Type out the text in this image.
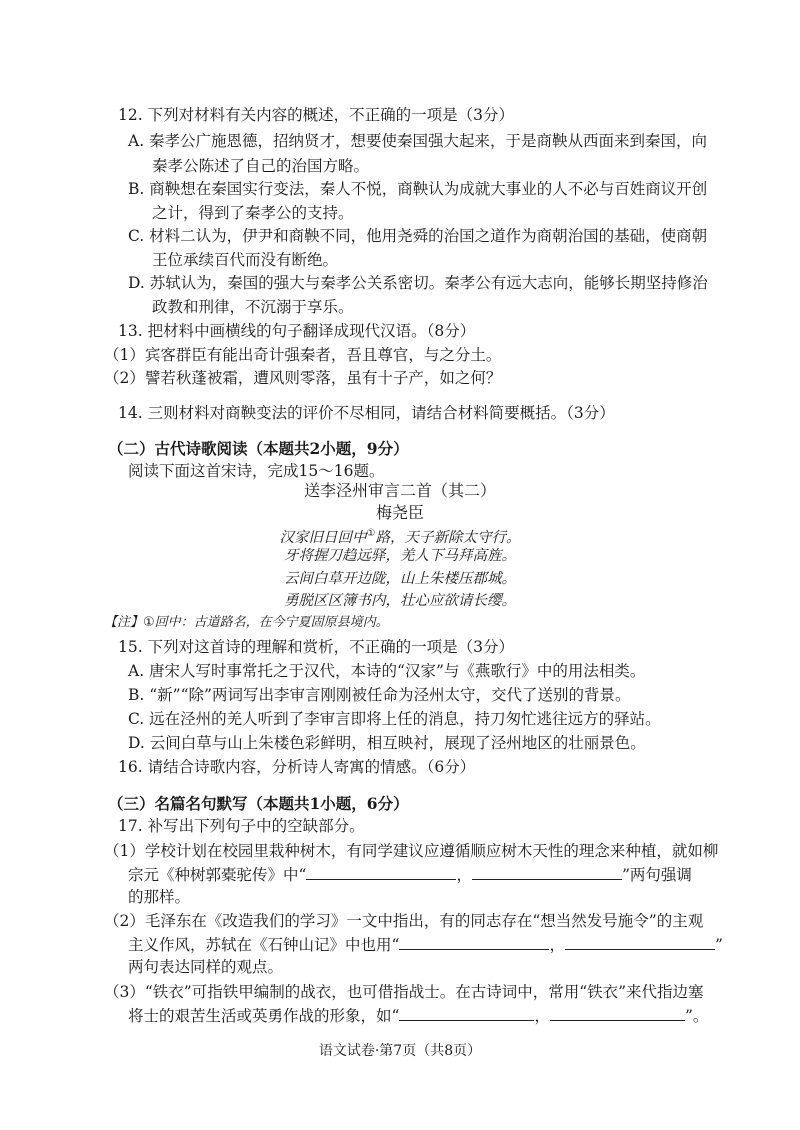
12. 下列对材料有关内容的概述，不正确的一项是（3分）
A. 秦孝公广施恩德，招纳贤才，想要使秦国强大起来，于是商鞅从西面来到秦国，向
秦孝公陈述了自己的治国方略。
B. 商鞅想在秦国实行变法，秦人不悦，商鞅认为成就大事业的人不必与百姓商议开创
之计，得到了秦孝公的支持。
C. 材料二认为，伊尹和商鞅不同，他用尧舜的治国之道作为商朝治国的基础，使商朝
王位承续百代而没有断绝。
D. 苏轼认为，秦国的强大与秦孝公关系密切。秦孝公有远大志向，能够长期坚持修治
政教和刑律，不沉溺于享乐。
13. 把材料中画横线的句子翻译成现代汉语。（8分）
（1）宾客群臣有能出奇计强秦者，吾且尊官，与之分土。
（2）譬若秋蓬被霜，遭风则零落，虽有十子产，如之何？
14. 三则材料对商鞅变法的评价不尽相同，请结合材料简要概括。（3分）
（二）古代诗歌阅读（本题共2小题，9分）
阅读下面这首宋诗，完成15～16题。
送李泾州审言二首（其二）
梅尧臣
汉家旧日回中①路，天子新除太守行。
牙将握刀趋远驿，羌人下马拜高旌。
云间白草开边陇，山上朱楼压郡城。
勇脱区区簿书内，壮心应欲请长缨。
【注】①回中：古道路名，在今宁夏固原县境内。
15. 下列对这首诗的理解和赏析，不正确的一项是（3分）
A. 唐宋人写时事常托之于汉代，本诗的“汉家”与《燕歌行》中的用法相类。
B. “新”“除”两词写出李审言刚刚被任命为泾州太守，交代了送别的背景。
C. 远在泾州的羌人听到了李审言即将上任的消息，持刀匆忙逃往远方的驿站。
D. 云间白草与山上朱楼色彩鲜明，相互映衬，展现了泾州地区的壮丽景色。
16. 请结合诗歌内容，分析诗人寄寓的情感。（6分）
（三）名篇名句默写（本题共1小题，6分）
17. 补写出下列句子中的空缺部分。
（1）学校计划在校园里栽种树木，有同学建议应遵循顺应树木天性的理念来种植，就如柳
宗元《种树郭橐驼传》中“	，	”两句强调
的那样。
（2）毛泽东在《改造我们的学习》一文中指出，有的同志存在“想当然发号施令”的主观
主义作风，苏轼在《石钟山记》中也用“	，	”
两句表达同样的观点。
（3）“铁衣”可指铁甲编制的战衣，也可借指战士。在古诗词中，常用“铁衣”来代指边塞
将士的艰苦生活或英勇作战的形象，如“	，	”。
语文试卷·第7页（共8页）
